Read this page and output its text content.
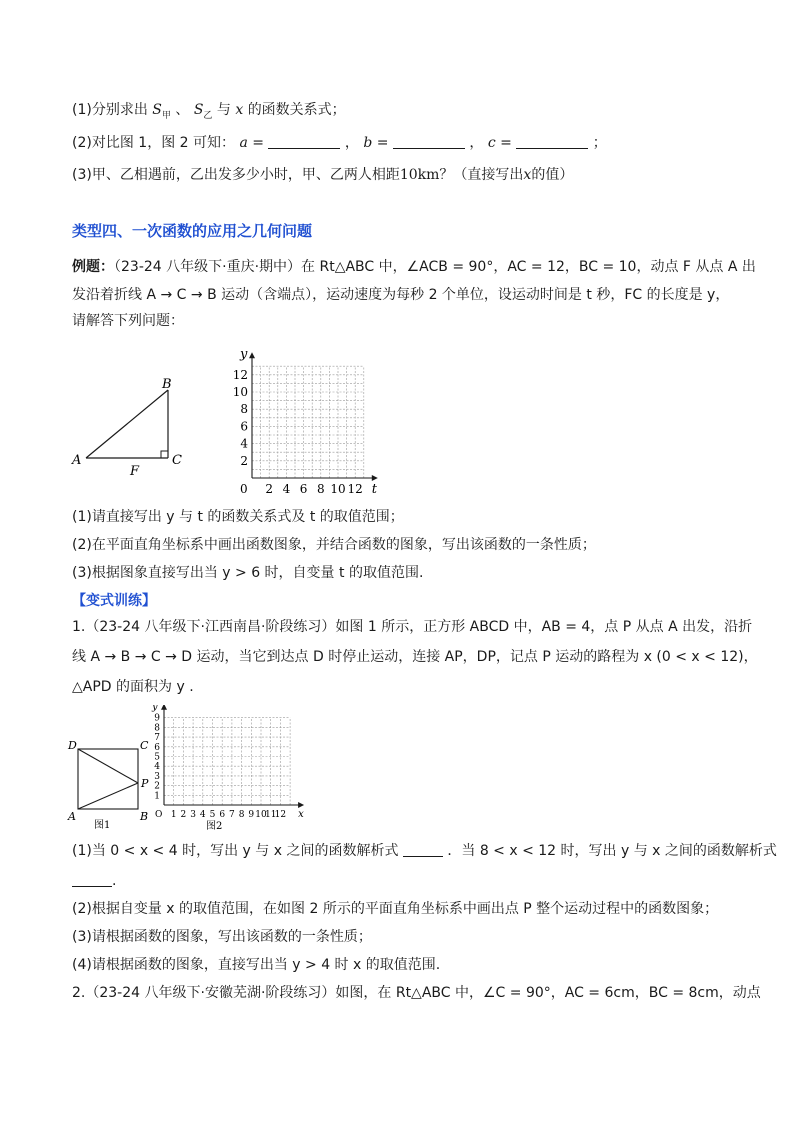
(1)分别求出 $S_甲$ 、 $S_乙$ 与 x 的函数关系式；
(2)对比图 1，图 2 可知： a =	， b =	， c =	；
(3)甲、乙相遇前，乙出发多少小时，甲、乙两人相距10km？（直接写出x的值）
类型四、一次函数的应用之几何问题
例题：（23-24 八年级下·重庆·期中）在 Rt△ABC 中，∠ACB = 90°，AC = 12，BC = 10，动点 F 从点 A 出
发沿着折线 A → C → B 运动（含端点），运动速度为每秒 2 个单位，设运动时间是 t 秒，FC 的长度是 y，
请解答下列问题：
A
B
C
F
y
t
0 2 4 6 8 10 12
2
4
6
8
10
12
(1)请直接写出 y 与 t 的函数关系式及 t 的取值范围；
(2)在平面直角坐标系中画出函数图象，并结合函数的图象，写出该函数的一条性质；
(3)根据图象直接写出当 y > 6 时，自变量 t 的取值范围.
【变式训练】
1.（23-24 八年级下·江西南昌·阶段练习）如图 1 所示，正方形 ABCD 中，AB = 4，点 P 从点 A 出发，沿折
线 A → B → C → D 运动，当它到达点 D 时停止运动，连接 AP，DP，记点 P 运动的路程为 x (0 < x < 12)，
△APD 的面积为 y .
D	C
A	B
P
图1
y
x
O 1 2 3 4 5 6 7 8 9 10
11
12
1
2
3
4
5
6
7
8
9
图2
(1)当 0 < x < 4 时，写出 y 与 x 之间的函数解析式	．当 8 < x < 12 时，写出 y 与 x 之间的函数解析式
.
(2)根据自变量 x 的取值范围，在如图 2 所示的平面直角坐标系中画出点 P 整个运动过程中的函数图象；
(3)请根据函数的图象，写出该函数的一条性质；
(4)请根据函数的图象，直接写出当 y > 4 时 x 的取值范围.
2.（23-24 八年级下·安徽芜湖·阶段练习）如图，在 Rt△ABC 中，∠C = 90°，AC = 6cm，BC = 8cm，动点
